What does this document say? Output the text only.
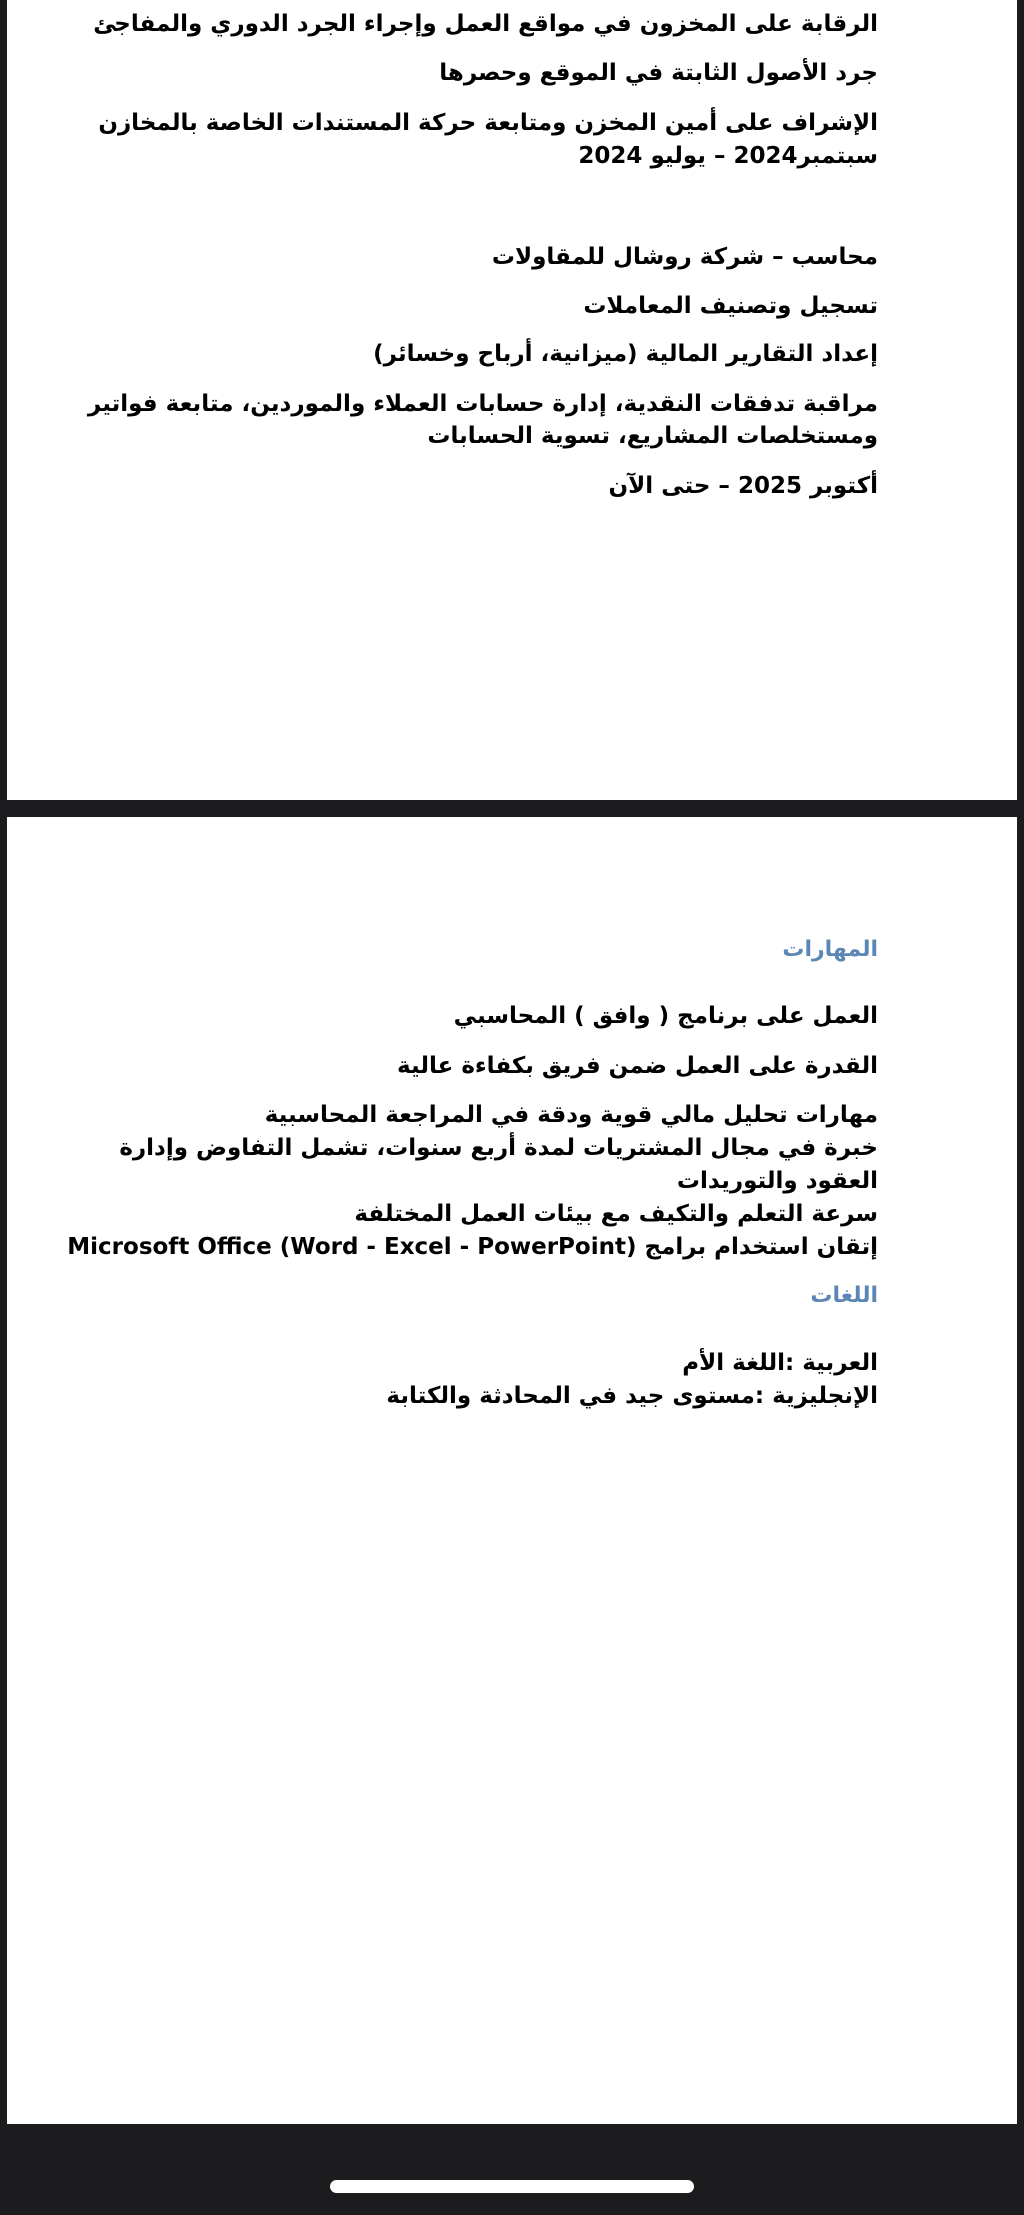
الرقابة على المخزون في مواقع العمل وإجراء الجرد الدوري والمفاجئ
جرد الأصول الثابتة في الموقع وحصرها
الإشراف على أمين المخزن ومتابعة حركة المستندات الخاصة بالمخازن
سبتمبر2024 – يوليو 2024
محاسب – شركة روشال للمقاولات
تسجيل وتصنيف المعاملات
إعداد التقارير المالية (ميزانية، أرباح وخسائر)
مراقبة تدفقات النقدية، إدارة حسابات العملاء والموردين، متابعة فواتير
ومستخلصات المشاريع، تسوية الحسابات
أكتوبر 2025 – حتى الآن
المهارات
العمل على برنامج ( وافق ) المحاسبي
القدرة على العمل ضمن فريق بكفاءة عالية
مهارات تحليل مالي قوية ودقة في المراجعة المحاسبية
خبرة في مجال المشتريات لمدة أربع سنوات، تشمل التفاوض وإدارة
العقود والتوريدات
سرعة التعلم والتكيف مع بيئات العمل المختلفة
إتقان استخدام برامج (Microsoft Office (Word - Excel - PowerPoint
اللغات
العربية :اللغة الأم
الإنجليزية :مستوى جيد في المحادثة والكتابة
